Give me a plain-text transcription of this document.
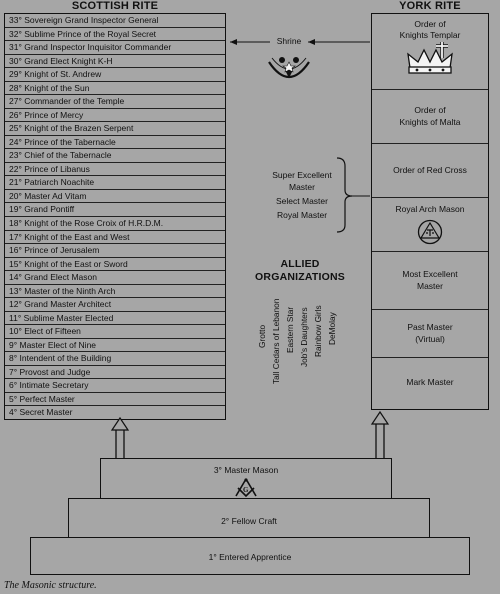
SCOTTISH RITE
33° Sovereign Grand Inspector General
32° Sublime Prince of the Royal Secret
31° Grand Inspector Inquisitor Commander
30° Grand Elect Knight K-H
29° Knight of St. Andrew
28° Knight of the Sun
27° Commander of the Temple
26° Prince of Mercy
25° Knight of the Brazen Serpent
24° Prince of the Tabernacle
23° Chief of the Tabernacle
22° Prince of Libanus
21° Patriarch Noachite
20° Master Ad Vitam
19° Grand Pontiff
18° Knight of the Rose Croix of H.R.D.M.
17° Knight of the East and West
16° Prince of Jerusalem
15° Knight of the East or Sword
14° Grand Elect Mason
13° Master of the Ninth Arch
12° Grand Master Architect
11° Sublime Master Elected
10° Elect of Fifteen
9° Master Elect of Nine
8° Intendent of the Building
7° Provost and Judge
6° Intimate Secretary
5° Perfect Master
4° Secret Master
YORK RITE
Order of
Knights Templar
Order of
Knights of Malta
Order of Red Cross
Royal Arch Mason
Most Excellent
Master
Past Master
(Virtual)
Mark Master
Shrine
Super Excellent
Master
Select Master
Royal Master
ALLIED
ORGANIZATIONS
Grotto Tall Cedars of Lebanon Eastern Star Job's Daughters Rainbow Girls DeMolay
1° Entered Apprentice
2° Fellow Craft
3° Master Mason
G
The Masonic structure.
